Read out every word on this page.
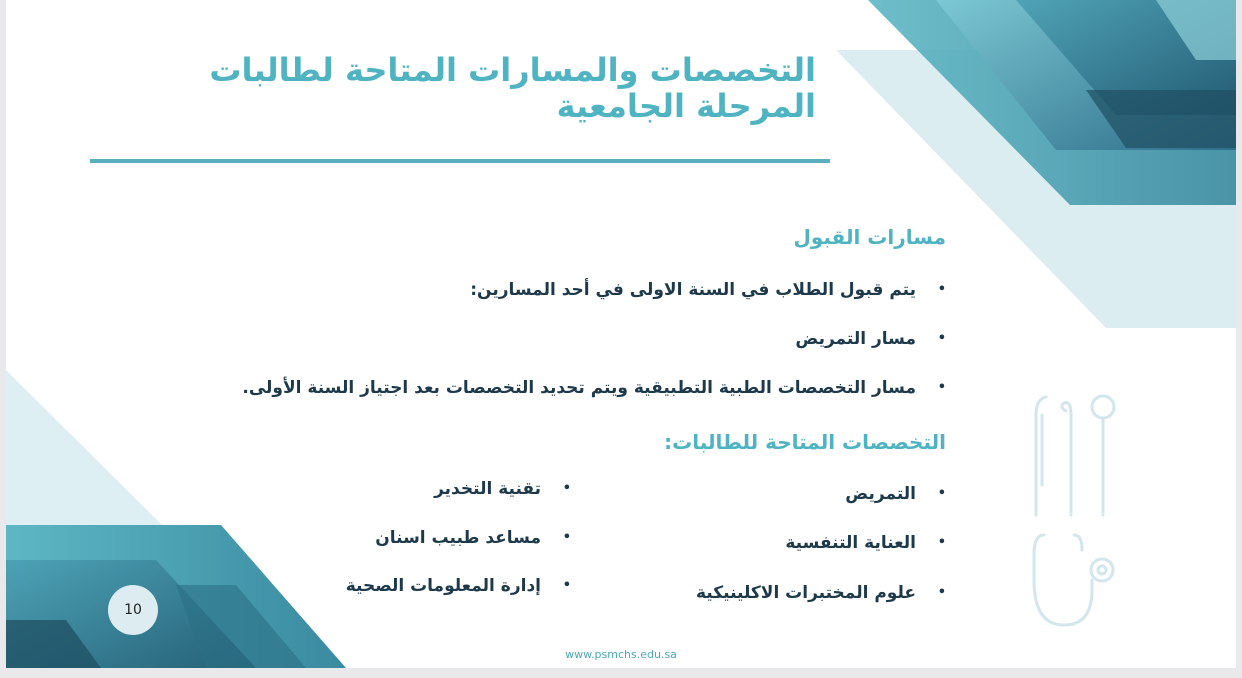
التخصصات والمسارات المتاحة لطالبات المرحلة الجامعية
مسارات القبول
• يتم قبول الطلاب في السنة الاولى في أحد المسارين:
• مسار التمريض
• مسار التخصصات الطبية التطبيقية ويتم تحديد التخصصات بعد اجتياز السنة الأولى.
التخصصات المتاحة للطالبات:
• التمريض
• العناية التنفسية
• علوم المختبرات الاكلينيكية
• تقنية التخدير
• مساعد طبيب اسنان
• إدارة المعلومات الصحية
10
www.psmchs.edu.sa
